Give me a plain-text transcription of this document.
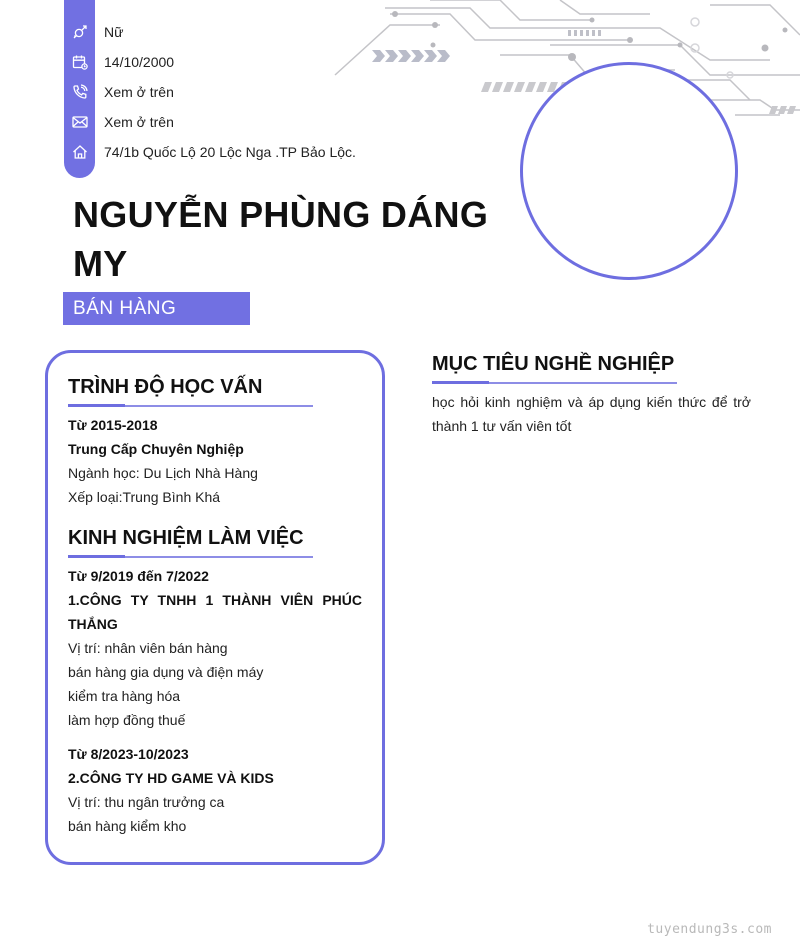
Nữ
14/10/2000
Xem ở trên
Xem ở trên
74/1b Quốc Lộ 20 Lộc Nga .TP Bảo Lộc.
NGUYỄN PHÙNG DÁNG
MY
BÁN HÀNG
TRÌNH ĐỘ HỌC VẤN
Từ 2015-2018
Trung Cấp Chuyên Nghiệp
Ngành học: Du Lịch Nhà Hàng
Xếp loại:Trung Bình Khá
KINH NGHIỆM LÀM VIỆC
Từ 9/2019 đến 7/2022
1.CÔNG TY TNHH 1 THÀNH VIÊN PHÚC
THẮNG
Vị trí: nhân viên bán hàng
bán hàng gia dụng và điện máy
kiểm tra hàng hóa
làm hợp đồng thuế
Từ 8/2023-10/2023
2.CÔNG TY HD GAME VÀ KIDS
Vị trí: thu ngân trưởng ca
bán hàng kiểm kho
MỤC TIÊU NGHỀ NGHIỆP
học hỏi kinh nghiệm và áp dụng kiến thức để trở thành 1 tư vấn viên tốt
tuyendung3s.com
